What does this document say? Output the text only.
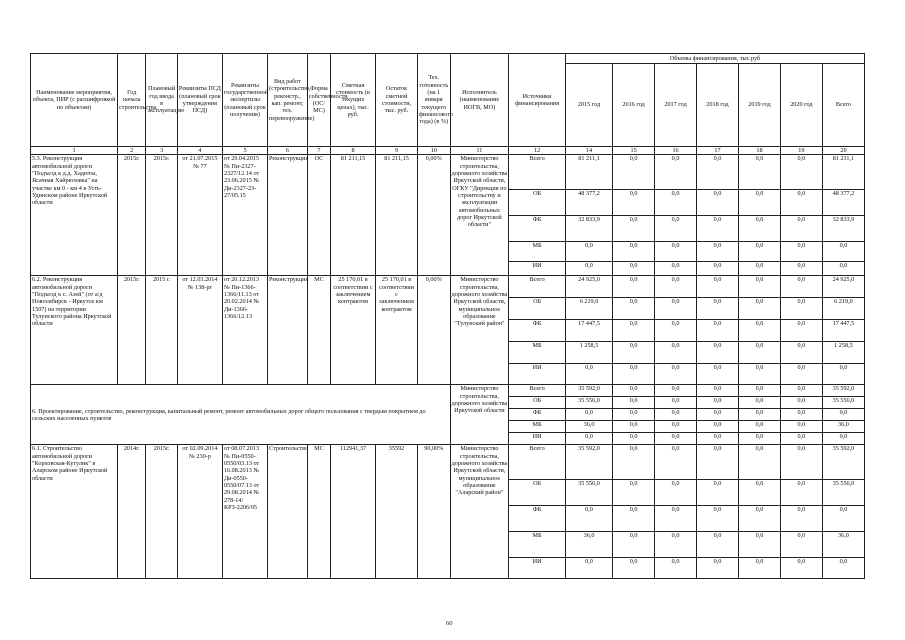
Наименование мероприятия, объекта, ПИР (с расшифровкой по объектам)	Год начала строительства	Плановый год ввода в эксплуатацию	Реквизиты ПСД (плановый срок утверждения ПСД)	Реквизиты государственной экспертизы (плановый срок получения)	Вид работ (строительство, реконстр., кап. ремонт, тех. перевооружение)	Форма собственности (ОС/МС)	Сметная стоимость (в текущих ценах), тыс. руб.	Остаток сметной стоимости, тыс. руб.	Тех. готовность (на 1 января текущего финансового года) (в %)	Исполнитель (наименование ИОГВ, МО)	Источники финансирования	Объемы финансирования, тыс.руб						
												2015 год	2016 год	2017 год	2018 год	2019 год	2020 год	Всего
1	2	3	4	5	6	7	8	9	10	11	12	14	15	16	17	18	19	20
5.3. Реконструкция автомобильной дороги "Подъезд к д.д. Хадюты, Ясачная Хайрюзовка" на участке км 0 - км 4 в Усть-Удинском районе Иркутской области	2015г.	2015г.	от 21.07.2015 № 77	от 29.04.2015 № Пи-2327-2327/12.14 от 23.06.2015 № Ди-2327-23-27/05.15	Реконструкция	ОС	81 211,15	81 211,15	0,00%	Министерство строительства, дорожного хозяйства Иркутской области, ОГКУ "Дирекция по строительству и эксплуатации автомобильных дорог Иркутской области"	Всего	81 211,1	0,0	0,0	0,0	0,0	0,0	81 211,1
											ОБ	48 377,2	0,0	0,0	0,0	0,0	0,0	48 377,2
											ФБ	32 833,9	0,0	0,0	0,0	0,0	0,0	32 833,9
											МБ	0,0	0,0	0,0	0,0	0,0	0,0	0,0
											ИИ	0,0	0,0	0,0	0,0	0,0	0,0	0,0
6.2. Реконструкция автомобильной дороги "Подъезд к с. Азей" (от а/д Новосибирск - Иркутск км 1507) на территории Тулунского района Иркутской области	2015г.	2015 г.	от 12.03.2014 № 138-рг	от 20.12.2013 № Пи-1366-1366/11.13 от 20.02.2014 № Ди-1366-1366/12.13	Реконструкция	МС	25 170,01 в соответствии с заключением контрактом	25 170,01 в соответствии с заключением контрактом	0,00%	Министерство строительства, дорожного хозяйства Иркутской области, муниципальное образование "Тулунский район"	Всего	24 925,0	0,0	0,0	0,0	0,0	0,0	24 925,0
											ОБ	6 219,0	0,0	0,0	0,0	0,0	0,0	6 219,0
											ФБ	17 447,5	0,0	0,0	0,0	0,0	0,0	17 447,5
											МБ	1 258,5	0,0	0,0	0,0	0,0	0,0	1 258,5
											ИИ	0,0	0,0	0,0	0,0	0,0	0,0	0,0
6. Проектирование, строительство, реконструкция, капитальный ремонт, ремонт автомобильных дорог общего пользования с твердым покрытием до сельских населенных пунктов										Министерство строительства, дорожного хозяйства Иркутской области	Всего	35 592,0	0,0	0,0	0,0	0,0	0,0	35 592,0
											ОБ	35 556,0	0,0	0,0	0,0	0,0	0,0	35 556,0
											ФБ	0,0	0,0	0,0	0,0	0,0	0,0	0,0
											МБ	36,0	0,0	0,0	0,0	0,0	0,0	36,0
											ИИ	0,0	0,0	0,0	0,0	0,0	0,0	0,0
6.1. Строительство автомобильной дороги "Корховская-Кутулик" в Аларском районе Иркутской области	2014г.	2015г.	от 02.09.2014 № 230-р	от 08.07.2013 № Пи-0550-0550/03.13 от 16.08.2013 № Ди-0550-0550/07.13 от 29.08.2014 № 278-14/КРЗ-2206/05	Строительство	МС	112941,37	35592	90,00%	Министерство строительства, дорожного хозяйства Иркутской области, муниципальное образование "Аларский район"	Всего	35 592,0	0,0	0,0	0,0	0,0	0,0	35 592,0
											ОБ	35 556,0	0,0	0,0	0,0	0,0	0,0	35 556,0
											ФБ	0,0	0,0	0,0	0,0	0,0	0,0	0,0
											МБ	36,0	0,0	0,0	0,0	0,0	0,0	36,0
											ИИ	0,0	0,0	0,0	0,0	0,0	0,0	0,0
60
